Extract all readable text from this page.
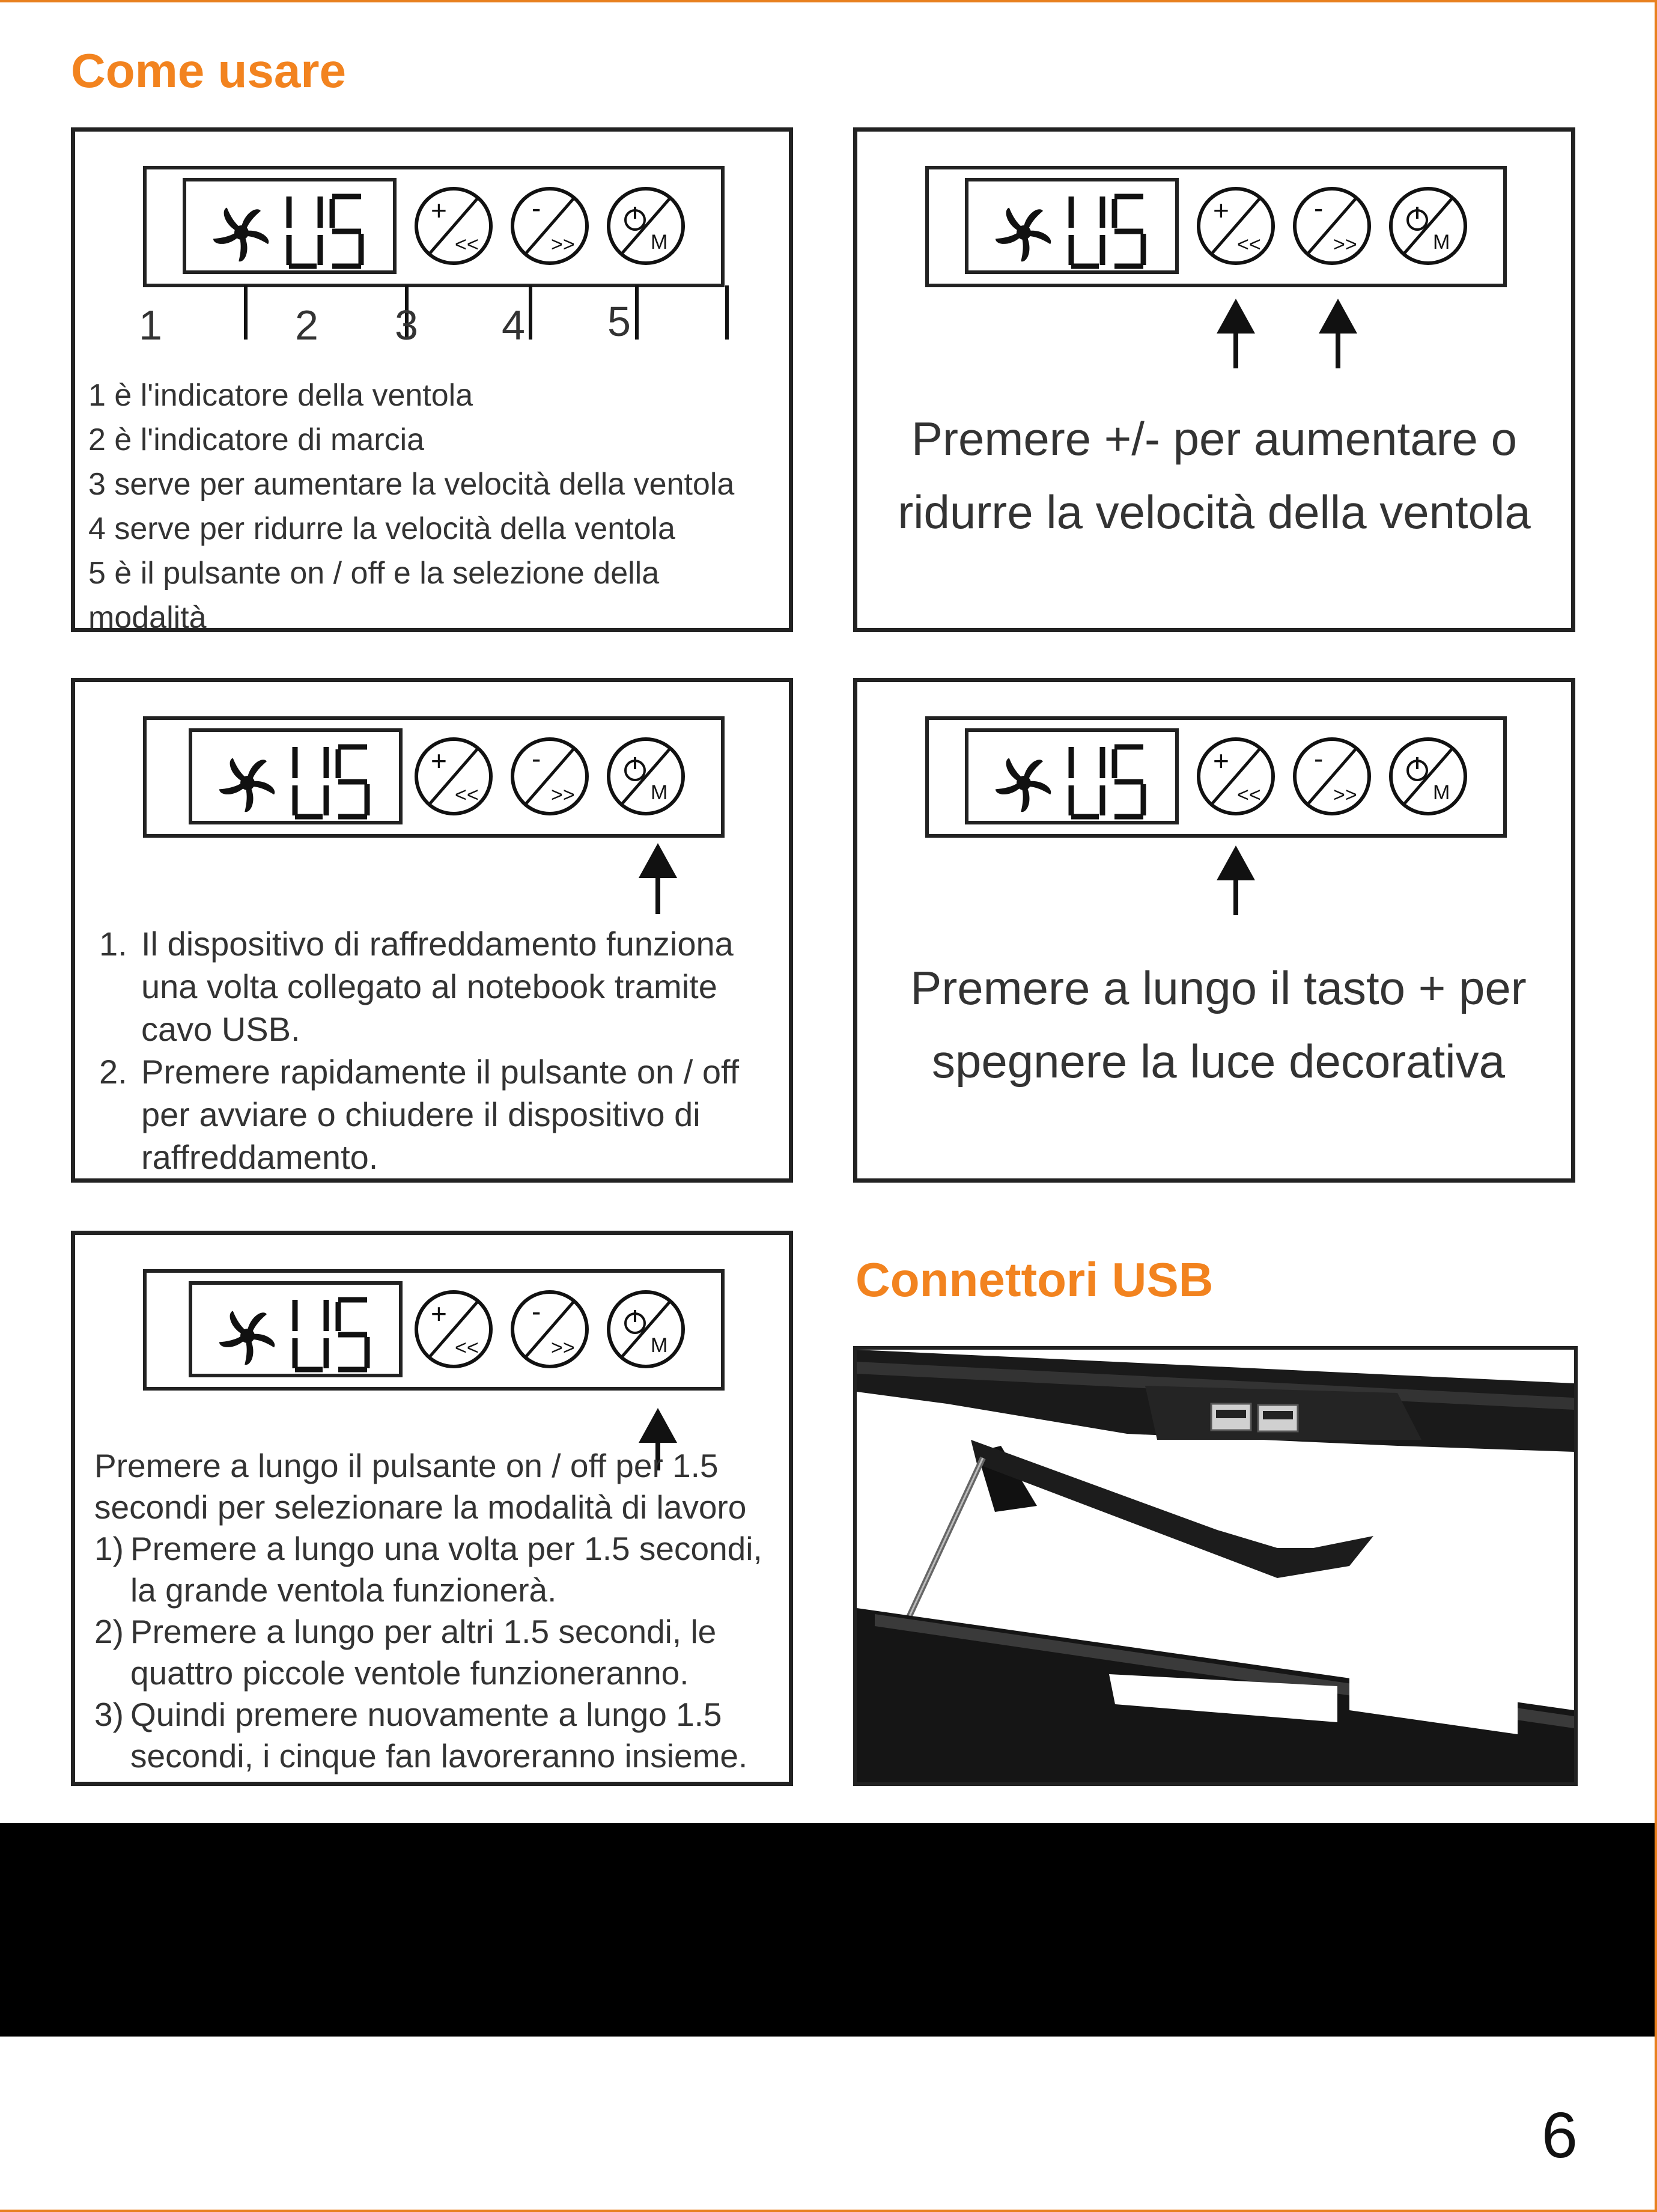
Come usare
+
<<
-
>>	M
1	2 3 4 5
1 è l'indicatore della ventola
2 è l'indicatore di marcia
3 serve per aumentare la velocità della ventola
4 serve per ridurre la velocità della ventola
5 è il pulsante on / off e la selezione della
modalità
+
<<
-
>>	M
Premere +/- per aumentare o
ridurre la velocità della ventola
+
<<
-
>>	M
1. Il dispositivo di raffreddamento funziona
una volta collegato al notebook tramite
cavo USB.
2. Premere rapidamente il pulsante on / off
per avviare o chiudere il dispositivo di
raffreddamento.
+
<<
-
>>	M
Premere a lungo il tasto + per
spegnere la luce decorativa
+
<<
-
>>	M
Premere a lungo il pulsante on / off per 1.5
secondi per selezionare la modalità di lavoro
1) Premere a lungo una volta per 1.5 secondi,
la grande ventola funzionerà.
2) Premere a lungo per altri 1.5 secondi, le
quattro piccole ventole funzioneranno.
3) Quindi premere nuovamente a lungo 1.5
secondi, i cinque fan lavoreranno insieme.
Connettori USB
6
